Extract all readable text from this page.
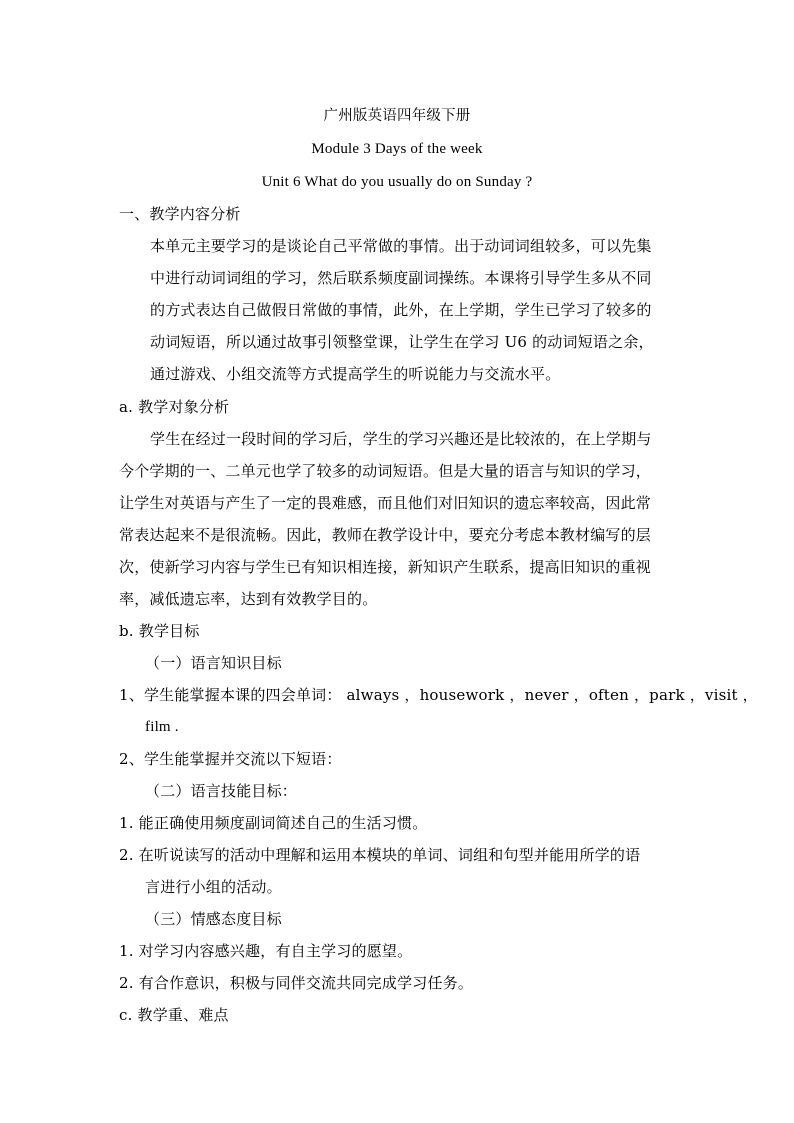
广州版英语四年级下册
Module 3 Days of the week
Unit 6 What do you usually do on Sunday ?
一、教学内容分析
本单元主要学习的是谈论自己平常做的事情。出于动词词组较多，可以先集
中进行动词词组的学习，然后联系频度副词操练。本课将引导学生多从不同
的方式表达自己做假日常做的事情，此外，在上学期，学生已学习了较多的
动词短语，所以通过故事引领整堂课，让学生在学习 U6 的动词短语之余，
通过游戏、小组交流等方式提高学生的听说能力与交流水平。
a. 教学对象分析
学生在经过一段时间的学习后，学生的学习兴趣还是比较浓的，在上学期与
今个学期的一、二单元也学了较多的动词短语。但是大量的语言与知识的学习，
让学生对英语与产生了一定的畏难感，而且他们对旧知识的遗忘率较高，因此常
常表达起来不是很流畅。因此，教师在教学设计中，要充分考虑本教材编写的层
次，使新学习内容与学生已有知识相连接，新知识产生联系，提高旧知识的重视
率，减低遗忘率，达到有效教学目的。
b. 教学目标
（一）语言知识目标
1、学生能掌握本课的四会单词： always ，housework ，never ，often ，park ，visit ，
film .
2、学生能掌握并交流以下短语：
（二）语言技能目标：
1. 能正确使用频度副词简述自己的生活习惯。
2. 在听说读写的活动中理解和运用本模块的单词、词组和句型并能用所学的语
言进行小组的活动。
（三）情感态度目标
1. 对学习内容感兴趣，有自主学习的愿望。
2. 有合作意识，积极与同伴交流共同完成学习任务。
c. 教学重、难点
